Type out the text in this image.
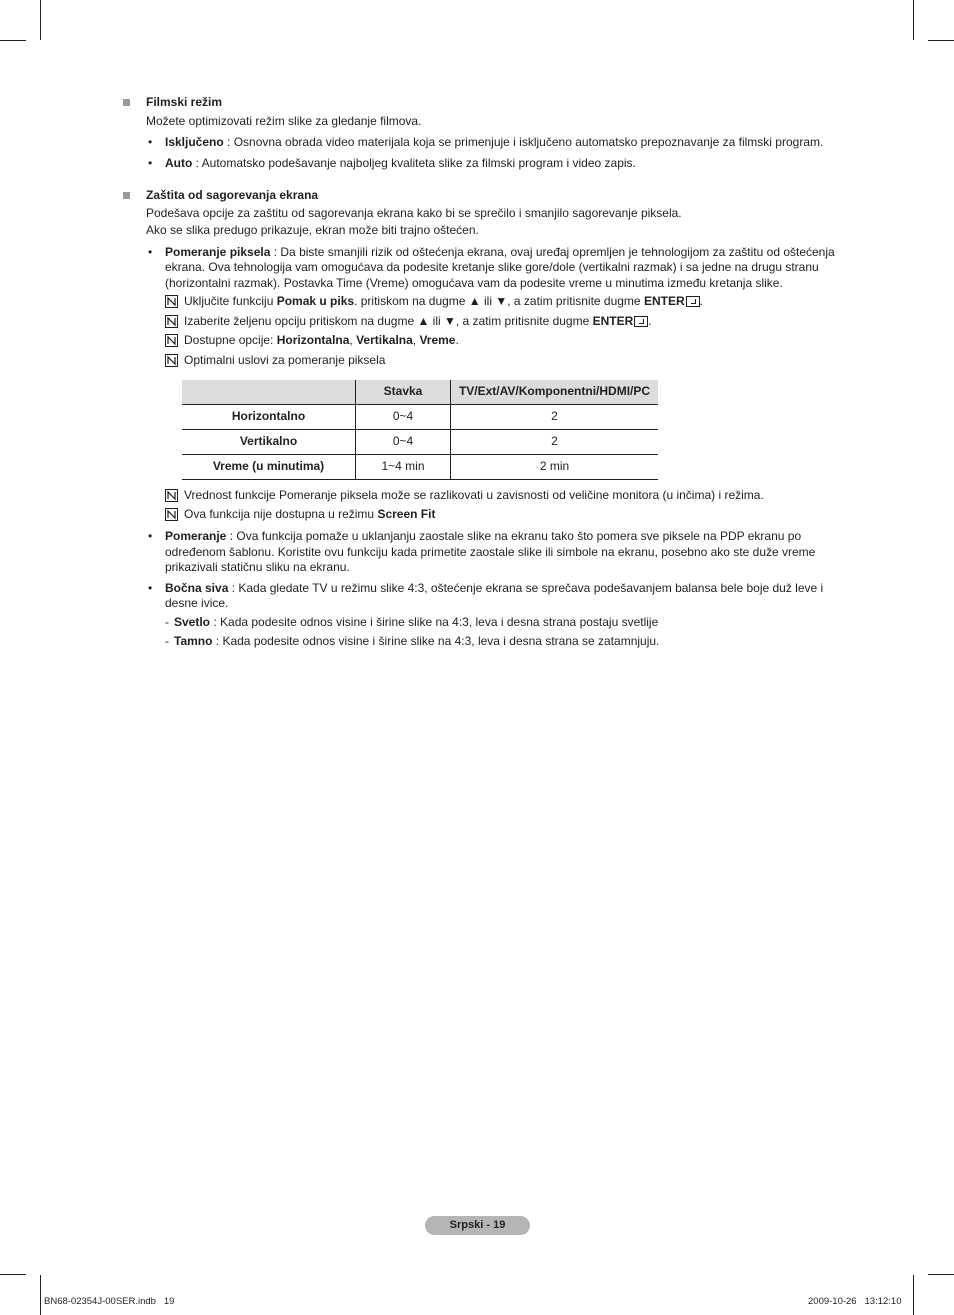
Filmski režim
Možete optimizovati režim slike za gledanje filmova.
• Isključeno : Osnovna obrada video materijala koja se primenjuje i isključeno automatsko prepoznavanje za filmski program.
• Auto : Automatsko podešavanje najboljeg kvaliteta slike za filmski program i video zapis.
Zaštita od sagorevanja ekrana
Podešava opcije za zaštitu od sagorevanja ekrana kako bi se sprečilo i smanjilo sagorevanje piksela.
Ako se slika predugo prikazuje, ekran može biti trajno oštećen.
• Pomeranje piksela : Da biste smanjili rizik od oštećenja ekrana, ovaj uređaj opremljen je tehnologijom za zaštitu od oštećenja ekrana. Ova tehnologija vam omogućava da podesite kretanje slike gore/dole (vertikalni razmak) i sa jedne na drugu stranu (horizontalni razmak). Postavka Time (Vreme) omogućava vam da podesite vreme u minutima između kretanja slike.
Uključite funkciju Pomak u piks. pritiskom na dugme ▲ ili ▼, a zatim pritisnite dugme ENTER .
Izaberite željenu opciju pritiskom na dugme ▲ ili ▼, a zatim pritisnite dugme ENTER .
Dostupne opcije: Horizontalna, Vertikalna, Vreme.
Optimalni uslovi za pomeranje piksela
	Stavka	TV/Ext/AV/Komponentni/HDMI/PC
Horizontalno	0~4	2
Vertikalno	0~4	2
Vreme (u minutima)	1~4 min	2 min
Vrednost funkcije Pomeranje piksela može se razlikovati u zavisnosti od veličine monitora (u inčima) i režima.
Ova funkcija nije dostupna u režimu Screen Fit
• Pomeranje : Ova funkcija pomaže u uklanjanju zaostale slike na ekranu tako što pomera sve piksele na PDP ekranu po određenom šablonu. Koristite ovu funkciju kada primetite zaostale slike ili simbole na ekranu, posebno ako ste duže vreme prikazivali statičnu sliku na ekranu.
• Bočna siva : Kada gledate TV u režimu slike 4:3, oštećenje ekrana se sprečava podešavanjem balansa bele boje duž leve i desne ivice.
- Svetlo : Kada podesite odnos visine i širine slike na 4:3, leva i desna strana postaju svetlije
- Tamno : Kada podesite odnos visine i širine slike na 4:3, leva i desna strana se zatamnjuju.
Srpski - 19
BN68-02354J-00SER.indb   19	2009-10-26   13:12:10
